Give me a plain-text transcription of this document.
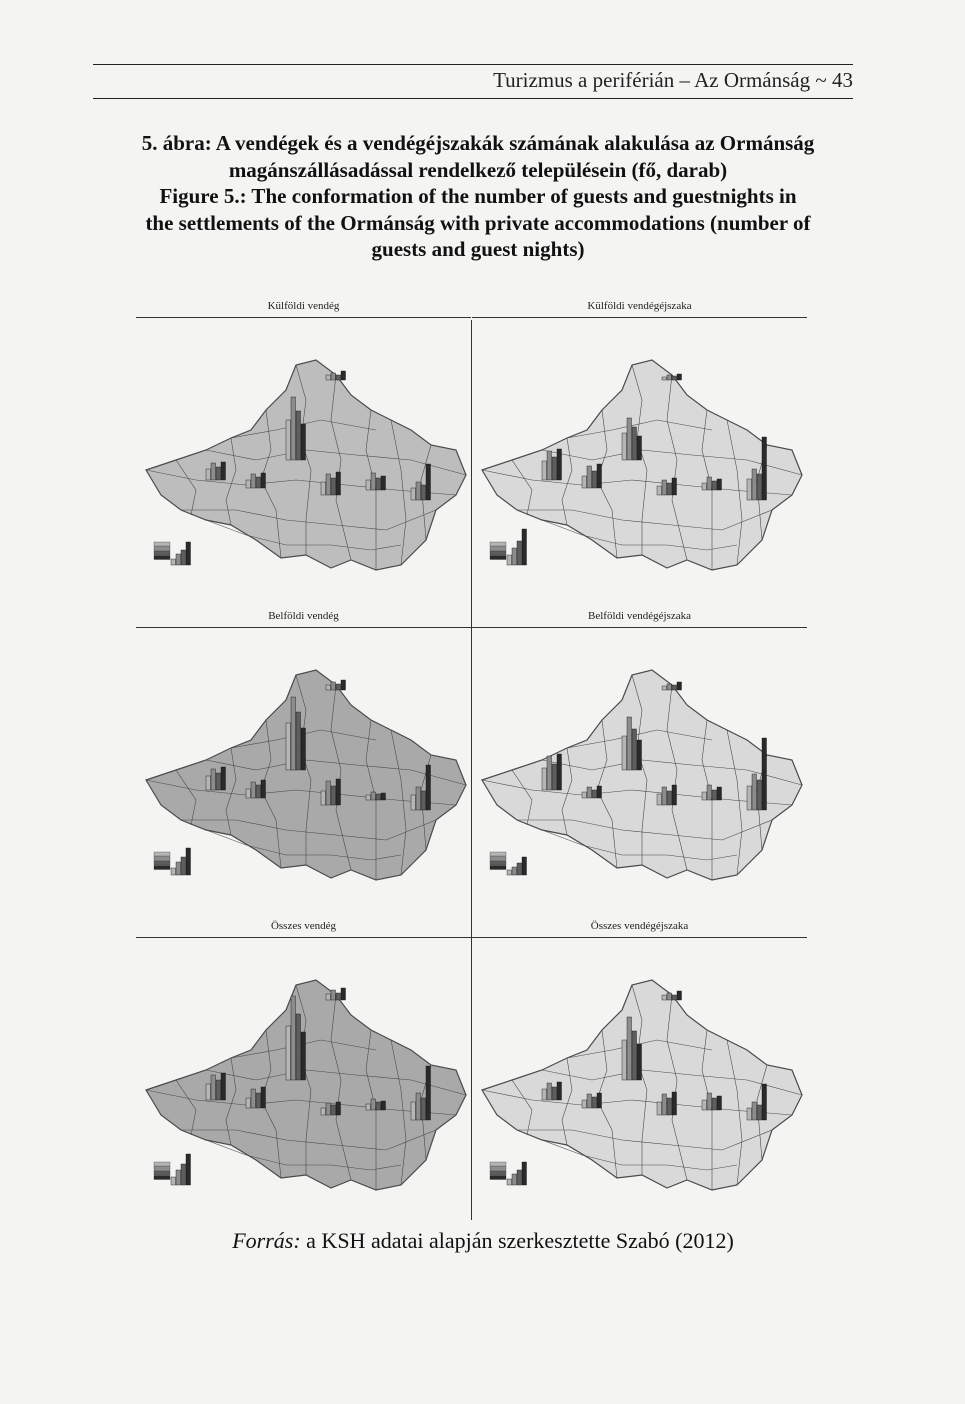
Turizmus a periférián – Az Ormánság ~ 43
5. ábra: A vendégek és a vendégéjszakák számának alakulása az Ormánság
magánszállásadással rendelkező településein (fő, darab)
Figure 5.: The conformation of the number of guests and guestnights in
the settlements of the Ormánság with private accommodations (number of
guests and guest nights)
Külföldi vendég	Külföldi vendégéjszaka
Belföldi vendég	Belföldi vendégéjszaka
Összes vendég	Összes vendégéjszaka
Forrás: a KSH adatai alapján szerkesztette Szabó (2012)
